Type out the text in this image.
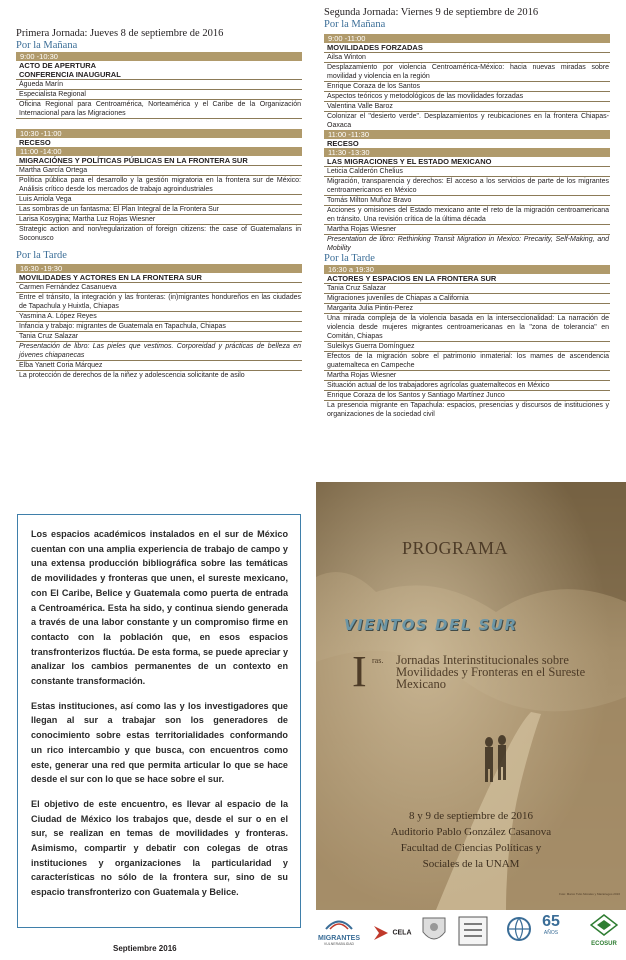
Primera Jornada: Jueves 8 de septiembre de 2016
Por la Mañana
9:00 -10:30
ACTO DE APERTURA
CONFERENCIA INAUGURAL
Águeda Marín
Especialista Regional
Oficina Regional para Centroamérica, Norteamérica y el Caribe de la Organización Internacional para las Migraciones
10:30 -11:00
RECESO
11:00 -14:00
MIGRACIÓNES Y POLÍTICAS PÚBLICAS EN LA FRONTERA SUR
Martha García Ortega
Política pública para el desarrollo y la gestión migratoria en la frontera sur de México: Análisis crítico desde los mercados de trabajo agroindustriales
Luis Arriola Vega
Las sombras de un fantasma: El Plan Integral de la Frontera Sur
Larisa Kosygina; Martha Luz Rojas Wiesner
Strategic action and non/regularization of foreign citizens: the case of Guatemalans in Soconusco
Por la Tarde
16:30 -19:30
MOVILIDADES Y ACTORES EN LA FRONTERA SUR
Carmen Fernández Casanueva
Entre el tránsito, la integración y las fronteras: (in)migrantes hondureños en las ciudades de Tapachula y Huixtla, Chiapas
Yasmina A. López Reyes
Infancia y trabajo: migrantes de Guatemala en Tapachula, Chiapas
Tania Cruz Salazar
Presentación de libro: Las pieles que vestimos. Corporeidad y prácticas de belleza en jóvenes chiapanecas
Elba Yanett Coria Márquez
La protección de derechos de la niñez y adolescencia solicitante de asilo
Segunda Jornada: Viernes 9 de septiembre de 2016
Por la Mañana
9:00 -11:00
MOVILIDADES FORZADAS
Ailsa Winton
Desplazamiento por violencia Centroamérica-México: hacia nuevas miradas sobre movilidad y violencia en la región
Enrique Coraza de los Santos
Aspectos teóricos y metodológicos de las movilidades forzadas
Valentina Valle Baroz
Colonizar el "desierto verde". Desplazamientos y reubicaciones en la frontera Chiapas-Oaxaca
11:00 -11:30
RECESO
11:30 -13:30
LAS MIGRACIONES Y EL ESTADO MEXICANO
Leticia Calderón Chelius
Migración, transparencia y derechos: El acceso a los servicios de parte de los migrantes centroamericanos en México
Tomás Milton Muñoz Bravo
Acciones y omisiones del Estado mexicano ante el reto de la migración centroamericana en tránsito. Una revisión crítica de la última década
Martha Rojas Wiesner
Presentation de libro: Rethinking Transit Migration in Mexico: Precarity, Self-Making, and Mobility
Por la Tarde
16:30 a 19:30
ACTORES Y ESPACIOS EN LA FRONTERA SUR
Tania Cruz Salazar
Migraciones juveniles de Chiapas a California
Margarita Julia Pintin-Perez
Una mirada compleja de la violencia basada en la interseccionalidad: La narración de violencia desde mujeres migrantes centroamericanas en la "zona de tolerancia" en Comitán, Chiapas
Suleikys Guerra Domínguez
Efectos de la migración sobre el patrimonio inmaterial: los mames de ascendencia guatemalteca en Campeche
Martha Rojas Wiesner
Situación actual de los trabajadores agrícolas guatemaltecos en México
Enrique Coraza de los Santos y Santiago Martínez Junco
La presencia migrante en Tapachula: espacios, presencias y discursos de instituciones y organizaciones de la sociedad civil

Los espacios académicos instalados en el sur de México cuentan con una amplia experiencia de trabajo de campo y una extensa producción bibliográfica sobre las temáticas de movilidades y fronteras que unen, el sureste mexicano, con El Caribe, Belice y Guatemala como puerta de entrada a Centroamérica. Esta ha sido, y continua siendo generada a través de una labor constante y un compromiso firme en contacto con la población que, en esos espacios transfronterizos fluctúa. De esta forma, se puede apreciar y analizar los cambios permanentes de un contexto en constante transformación.

Estas instituciones, así como las y los investigadores que llegan al sur a trabajar son los generadores de conocimiento sobre estas territorialidades conformando un rico intercambio y que busca, con encuentros como este, generar una red que permita articular lo que se hace desde el sur con lo que se hace sobre el sur.

El objetivo de este encuentro, es llevar al espacio de la Ciudad de México los trabajos que, desde el sur o en el sur, se realizan en temas de movilidades y fronteras. Asimismo, compartir y debatir con colegas de otras instituciones y organizaciones la particularidad y características no sólo de la frontera sur, sino de su espacio transfronterizo con Guatemala y Belice.

Septiembre 2016
PROGRAMA
VIENTOS DEL SUR
I ras. Jornadas Interinstitucionales sobre Movilidades y Fronteras en el Sureste Mexicano
8 y 9 de septiembre de 2016
Auditorio Pablo González Casanova
Facultad de Ciencias Políticas y
Sociales de la UNAM
Foto: Marco Tulio Morales y Mazariegos 2016
MIGRANTES
VULNERABILIDAD
CELA
65
AÑOS
ECOSUR
